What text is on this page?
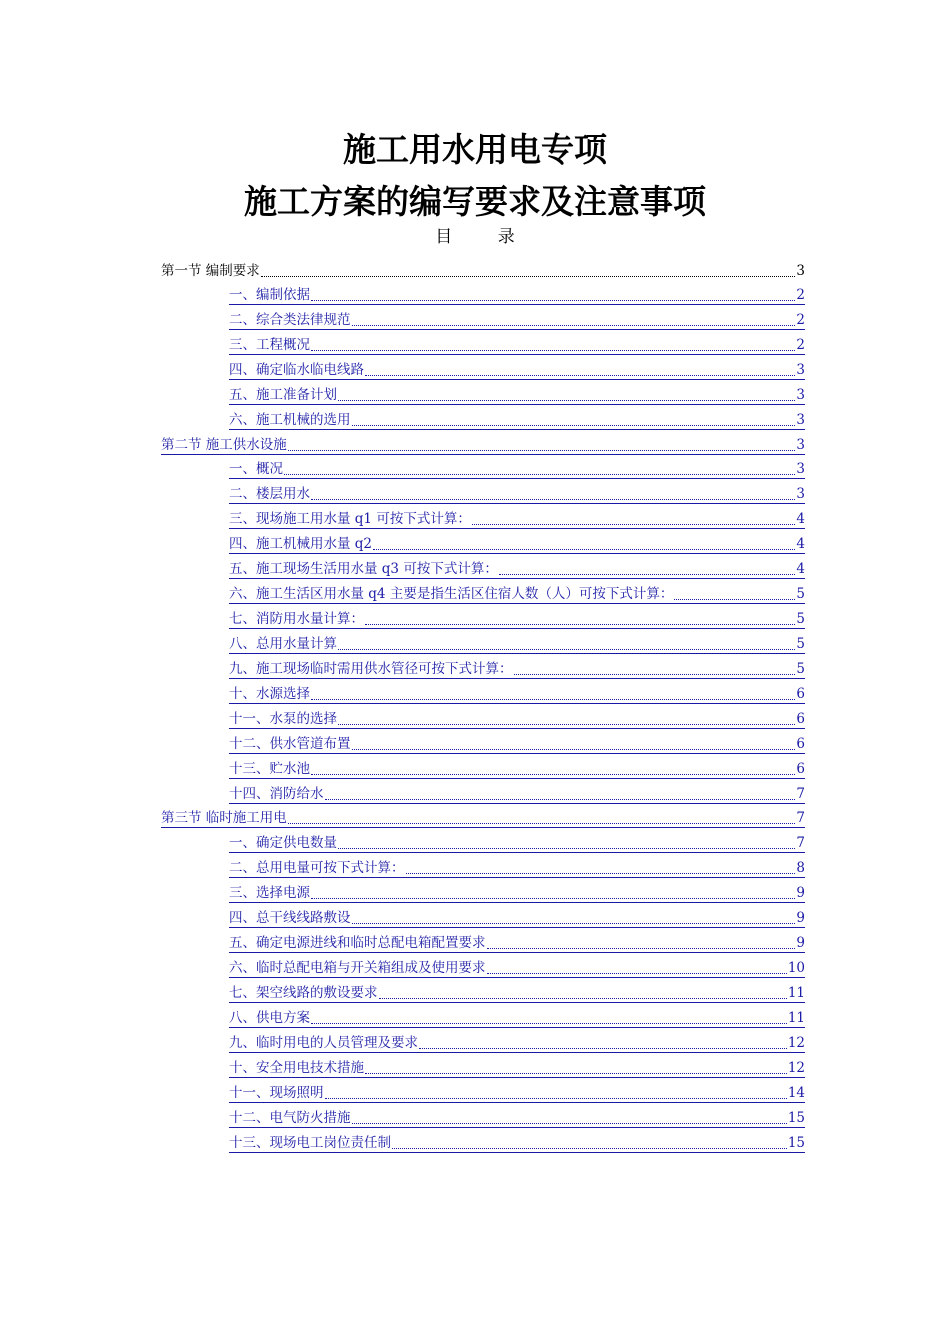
施工用水用电专项
施工方案的编写要求及注意事项
目 录
第一节 编制要求	3
一、编制依据	2
二、综合类法律规范	2
三、工程概况	2
四、确定临水临电线路	3
五、施工准备计划	3
六、施工机械的选用	3
第二节 施工供水设施	3
一、概况	3
二、楼层用水	3
三、现场施工用水量 q1 可按下式计算：	4
四、施工机械用水量 q2	4
五、施工现场生活用水量 q3 可按下式计算：	4
六、施工生活区用水量 q4 主要是指生活区住宿人数（人）可按下式计算：	5
七、消防用水量计算：	5
八、总用水量计算	5
九、施工现场临时需用供水管径可按下式计算：	5
十、水源选择	6
十一、水泵的选择	6
十二、供水管道布置	6
十三、贮水池	6
十四、消防给水	7
第三节 临时施工用电	7
一、确定供电数量	7
二、总用电量可按下式计算：	8
三、选择电源	9
四、总干线线路敷设	9
五、确定电源进线和临时总配电箱配置要求	9
六、临时总配电箱与开关箱组成及使用要求	10
七、架空线路的敷设要求	11
八、供电方案	11
九、临时用电的人员管理及要求	12
十、安全用电技术措施	12
十一、现场照明	14
十二、电气防火措施	15
十三、现场电工岗位责任制	15
